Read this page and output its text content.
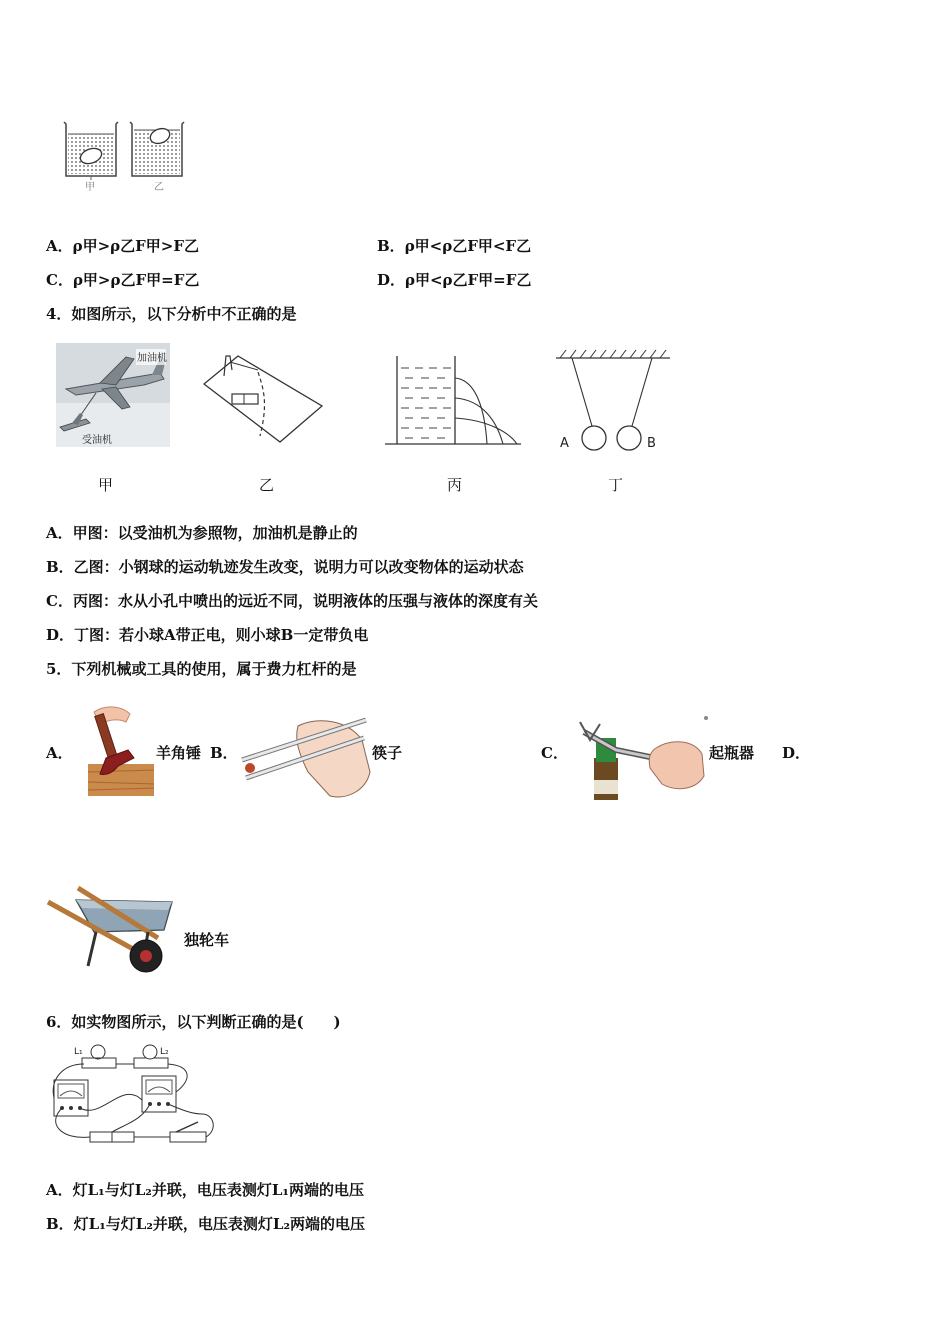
甲	乙
A．ρ甲>ρ乙F甲>F乙	B．ρ甲<ρ乙F甲<F乙
C．ρ甲>ρ乙F甲=F乙	D．ρ甲<ρ乙F甲=F乙
4．如图所示，以下分析中不正确的是
加油机
受油机	A	B
甲	乙	丙	丁
A．甲图：以受油机为参照物，加油机是静止的
B．乙图：小钢球的运动轨迹发生改变，说明力可以改变物体的运动状态
C．丙图：水从小孔中喷出的远近不同，说明液体的压强与液体的深度有关
D．丁图：若小球A带正电，则小球B一定带负电
5．下列机械或工具的使用，属于费力杠杆的是
A．	羊角锤 B．	筷子	C．	起瓶器 D．
独轮车
6．如实物图所示，以下判断正确的是(　　)
L₁	L₂
A．灯L₁与灯L₂并联，电压表测灯L₁两端的电压
B．灯L₁与灯L₂并联，电压表测灯L₂两端的电压
